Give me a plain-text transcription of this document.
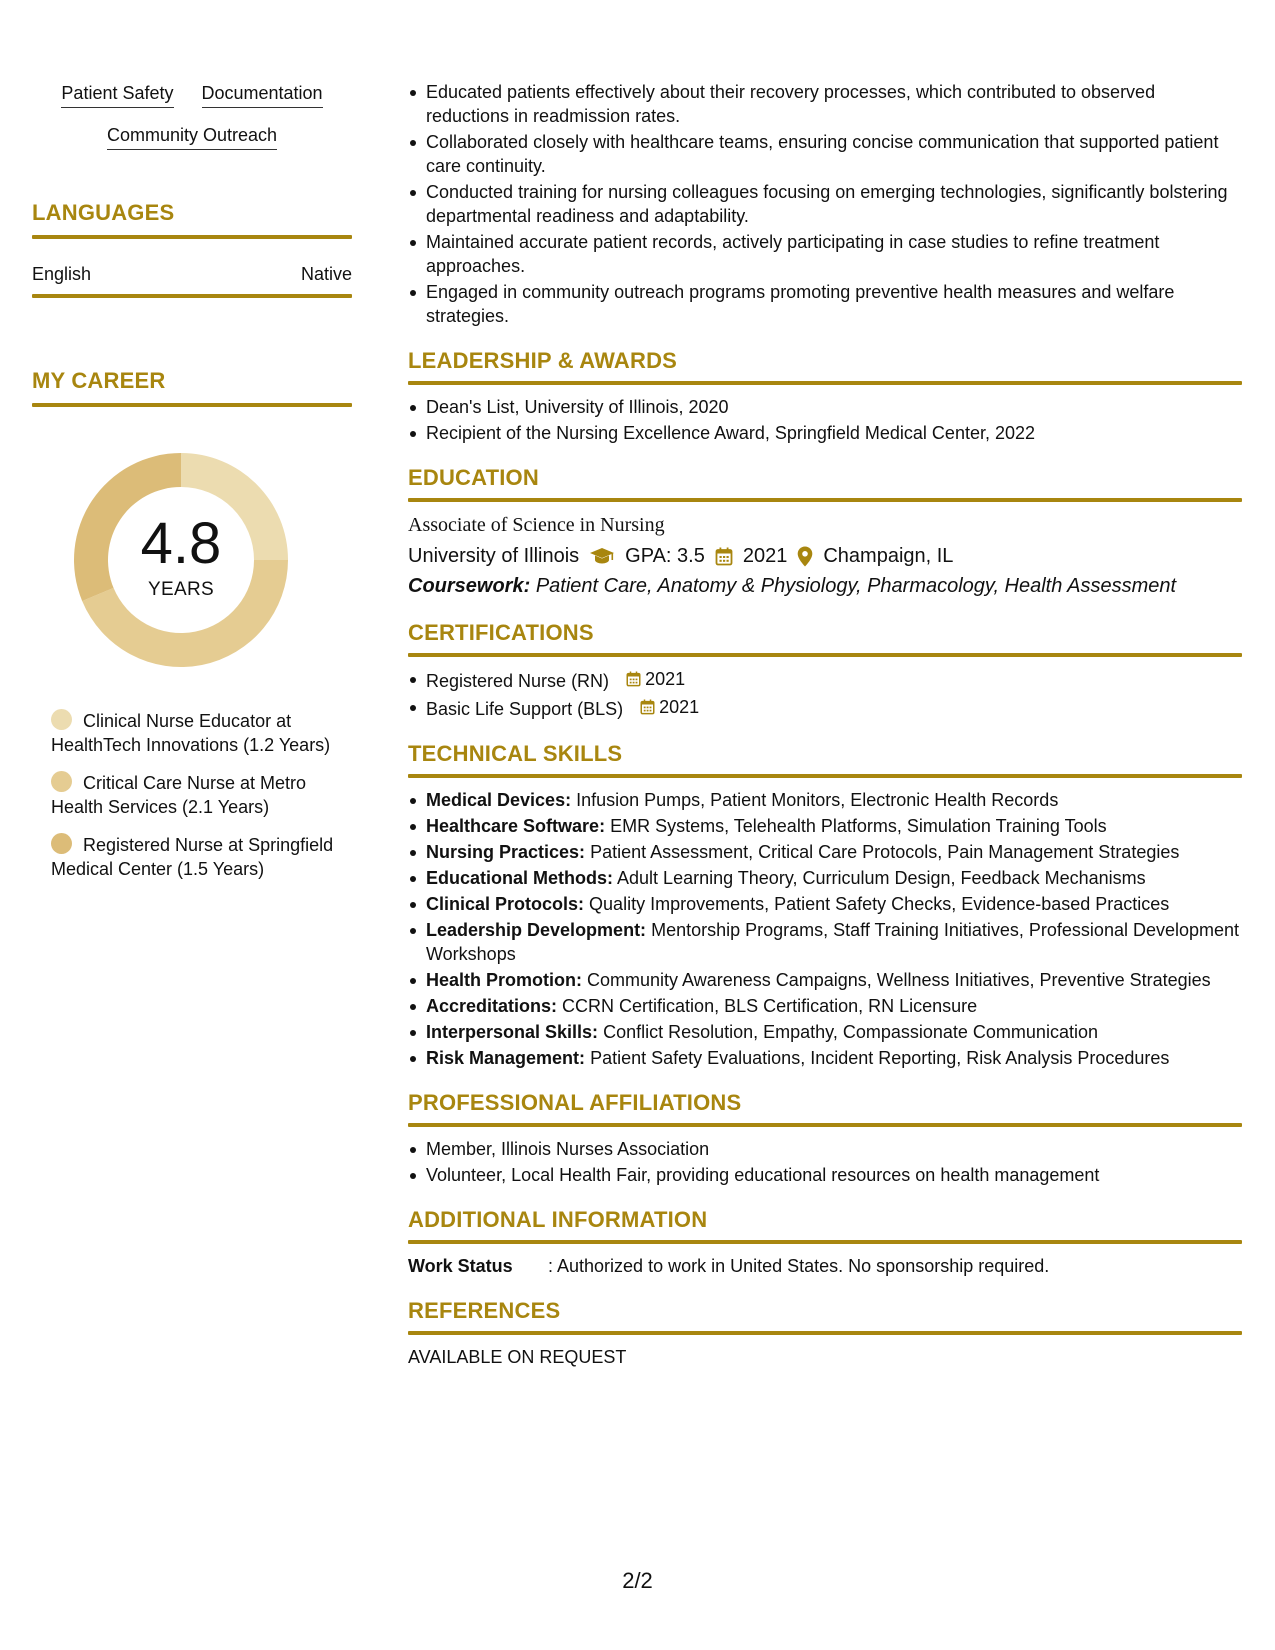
Patient Safety Documentation
Community Outreach
LANGUAGES
English	Native
MY CAREER
4.8
YEARS
Clinical Nurse Educator at HealthTech Innovations (1.2 Years)
Critical Care Nurse at Metro Health Services (2.1 Years)
Registered Nurse at Springfield Medical Center (1.5 Years)
Educated patients effectively about their recovery processes, which contributed to observed reductions in readmission rates.
Collaborated closely with healthcare teams, ensuring concise communication that supported patient care continuity.
Conducted training for nursing colleagues focusing on emerging technologies, significantly bolstering departmental readiness and adaptability.
Maintained accurate patient records, actively participating in case studies to refine treatment approaches.
Engaged in community outreach programs promoting preventive health measures and welfare strategies.
LEADERSHIP & AWARDS
Dean's List, University of Illinois, 2020
Recipient of the Nursing Excellence Award, Springfield Medical Center, 2022
EDUCATION
Associate of Science in Nursing
University of Illinois GPA: 3.5 2021 Champaign, IL
Coursework: Patient Care, Anatomy & Physiology, Pharmacology, Health Assessment
CERTIFICATIONS
Registered Nurse (RN) 2021
Basic Life Support (BLS) 2021
TECHNICAL SKILLS
Medical Devices: Infusion Pumps, Patient Monitors, Electronic Health Records
Healthcare Software: EMR Systems, Telehealth Platforms, Simulation Training Tools
Nursing Practices: Patient Assessment, Critical Care Protocols, Pain Management Strategies
Educational Methods: Adult Learning Theory, Curriculum Design, Feedback Mechanisms
Clinical Protocols: Quality Improvements, Patient Safety Checks, Evidence-based Practices
Leadership Development: Mentorship Programs, Staff Training Initiatives, Professional Development Workshops
Health Promotion: Community Awareness Campaigns, Wellness Initiatives, Preventive Strategies
Accreditations: CCRN Certification, BLS Certification, RN Licensure
Interpersonal Skills: Conflict Resolution, Empathy, Compassionate Communication
Risk Management: Patient Safety Evaluations, Incident Reporting, Risk Analysis Procedures
PROFESSIONAL AFFILIATIONS
Member, Illinois Nurses Association
Volunteer, Local Health Fair, providing educational resources on health management
ADDITIONAL INFORMATION
Work Status	: Authorized to work in United States. No sponsorship required.
REFERENCES
AVAILABLE ON REQUEST
2/2
